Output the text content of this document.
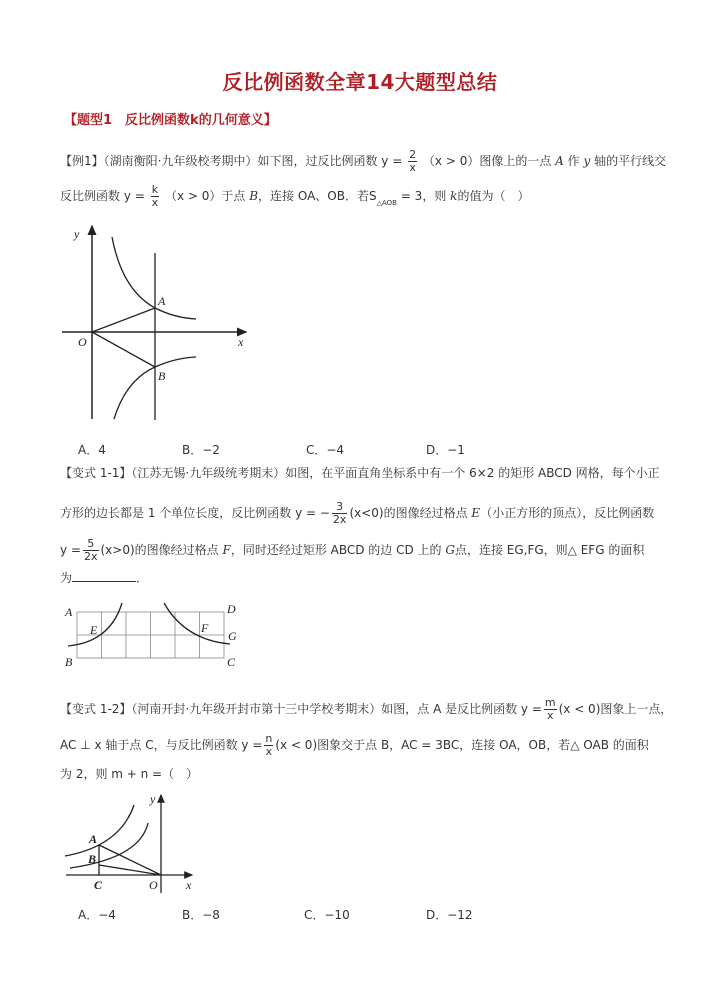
反比例函数全章14大题型总结
【题型1　反比例函数k的几何意义】
【例1】（湖南衡阳·九年级校考期中）如下图，过反比例函数 $y = \frac{2}{x} (x > 0)$图像上的一点 A 作 y 轴的平行线交
反比例函数 $y = \frac{k}{x} (x > 0)$于点 B，连接 OA、OB．若$S_{\triangle AOB} = 3$，则 k的值为（　）
y
x
O
A
B
A
B	C
D
E	F
G
y
x
O
A
B
C
A．4	B．−2	C．−4	D．−1
【变式 1-1】（江苏无锡·九年级统考期末）如图，在平面直角坐标系中有一个 6×2 的矩形 ABCD 网格，每个小正
方形的边长都是 1 个单位长度，反比例函数 y = − $\frac{3}{2x} (x<0)$的图像经过格点 E（小正方形的顶点），反比例函数
$y = \frac{5}{2x} (x>0)$的图像经过格点 F，同时还经过矩形 ABCD 的边 CD 上的 G点，连接 EG,FG，则△ EFG 的面积
为	．
【变式 1-2】（河南开封·九年级开封市第十三中学校考期末）如图，点 A 是反比例函数 $y = \frac{m}{x} (x < 0)$图象上一点，
AC ⊥ x 轴于点 C，与反比例函数 $y = \frac{n}{x} (x < 0)$图象交于点 B，AC = 3BC，连接 OA，OB，若△ OAB 的面积
为 2，则 m + n =（　）
A．−4	B．−8	C．−10	D．−12
